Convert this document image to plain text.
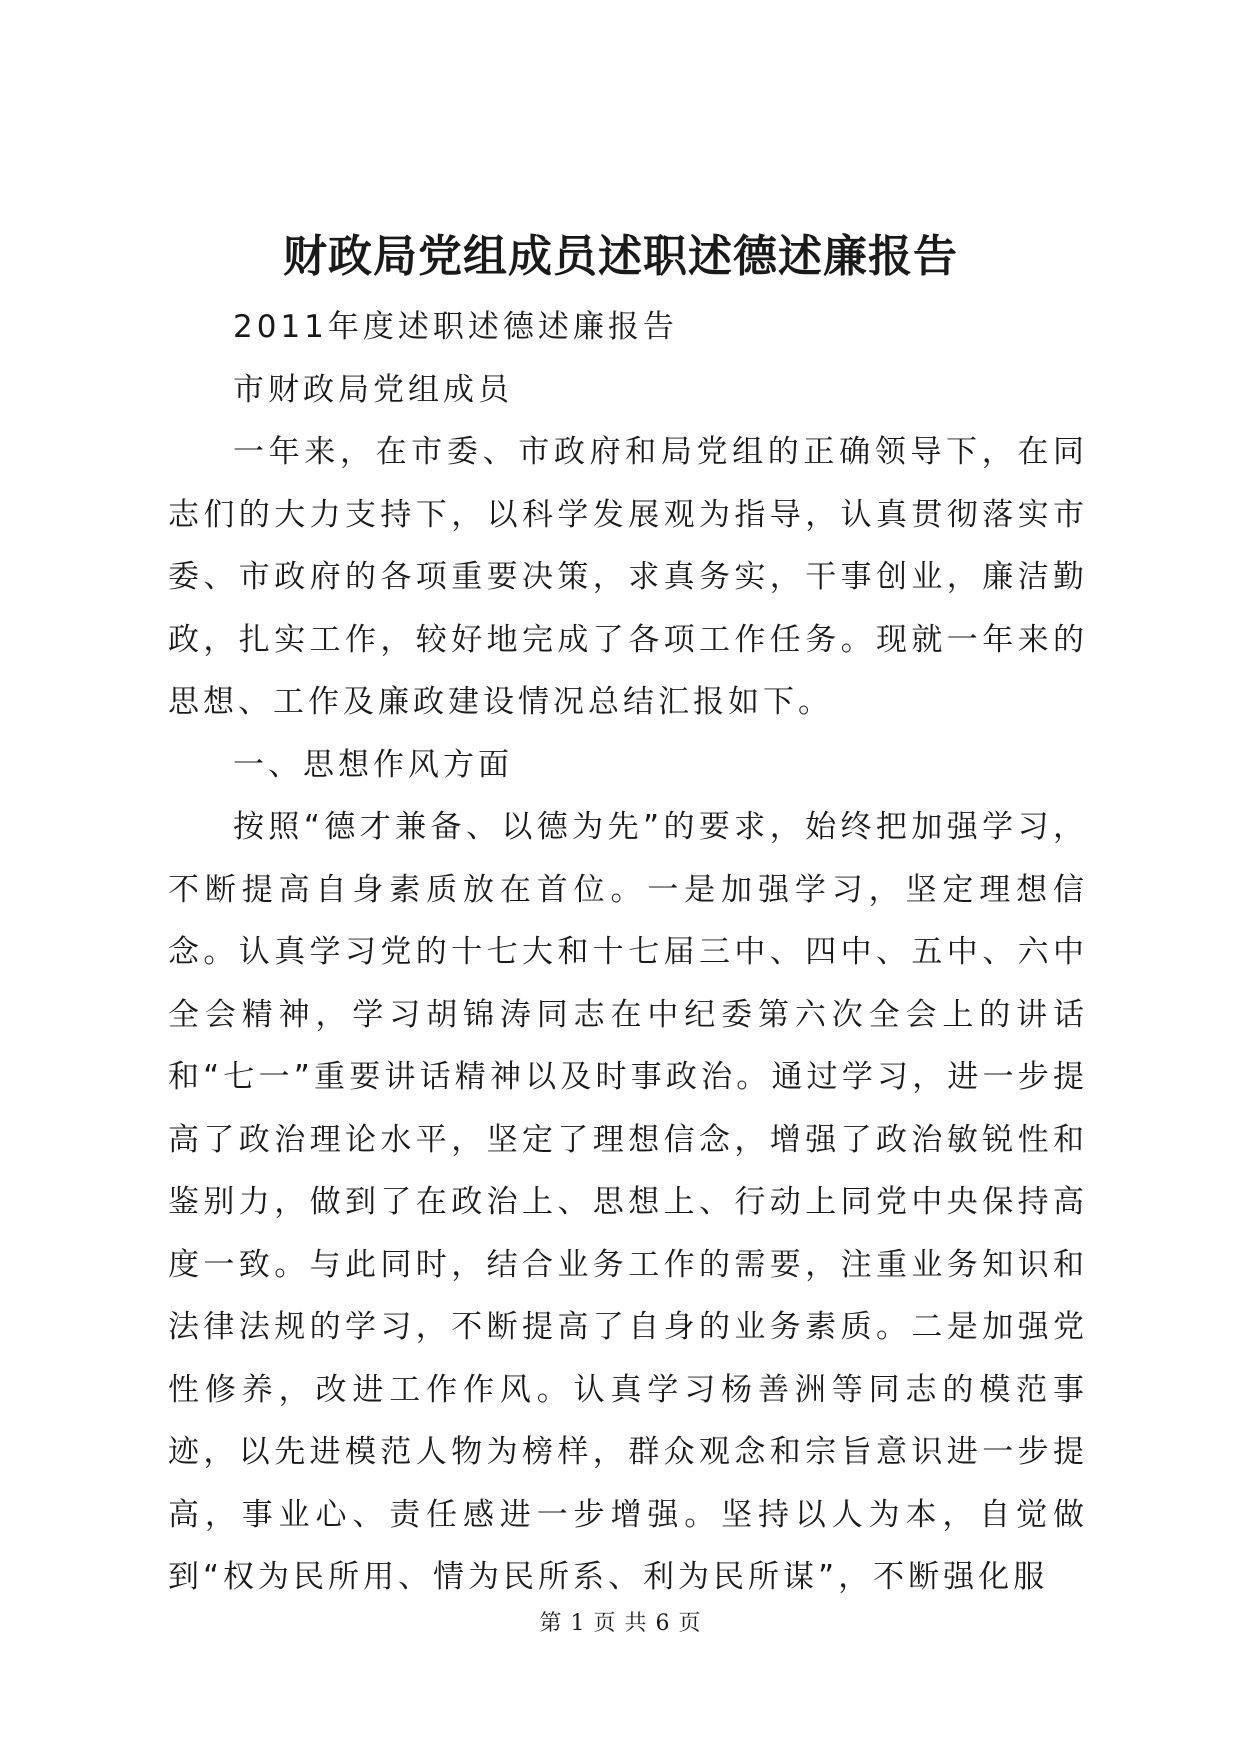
财政局党组成员述职述德述廉报告

2011年度述职述德述廉报告

市财政局党组成员

一年来，在市委、市政府和局党组的正确领导下，在同志们的大力支持下，以科学发展观为指导，认真贯彻落实市委、市政府的各项重要决策，求真务实，干事创业，廉洁勤政，扎实工作，较好地完成了各项工作任务。现就一年来的思想、工作及廉政建设情况总结汇报如下。

一、思想作风方面

按照“德才兼备、以德为先”的要求，始终把加强学习，不断提高自身素质放在首位。一是加强学习，坚定理想信念。认真学习党的十七大和十七届三中、四中、五中、六中全会精神，学习胡锦涛同志在中纪委第六次全会上的讲话和“七一”重要讲话精神以及时事政治。通过学习，进一步提高了政治理论水平，坚定了理想信念，增强了政治敏锐性和鉴别力，做到了在政治上、思想上、行动上同党中央保持高度一致。与此同时，结合业务工作的需要，注重业务知识和法律法规的学习，不断提高了自身的业务素质。二是加强党性修养，改进工作作风。认真学习杨善洲等同志的模范事迹，以先进模范人物为榜样，群众观念和宗旨意识进一步提高，事业心、责任感进一步增强。坚持以人为本，自觉做到“权为民所用、情为民所系、利为民所谋”，不断强化服

第 1 页 共 6 页
